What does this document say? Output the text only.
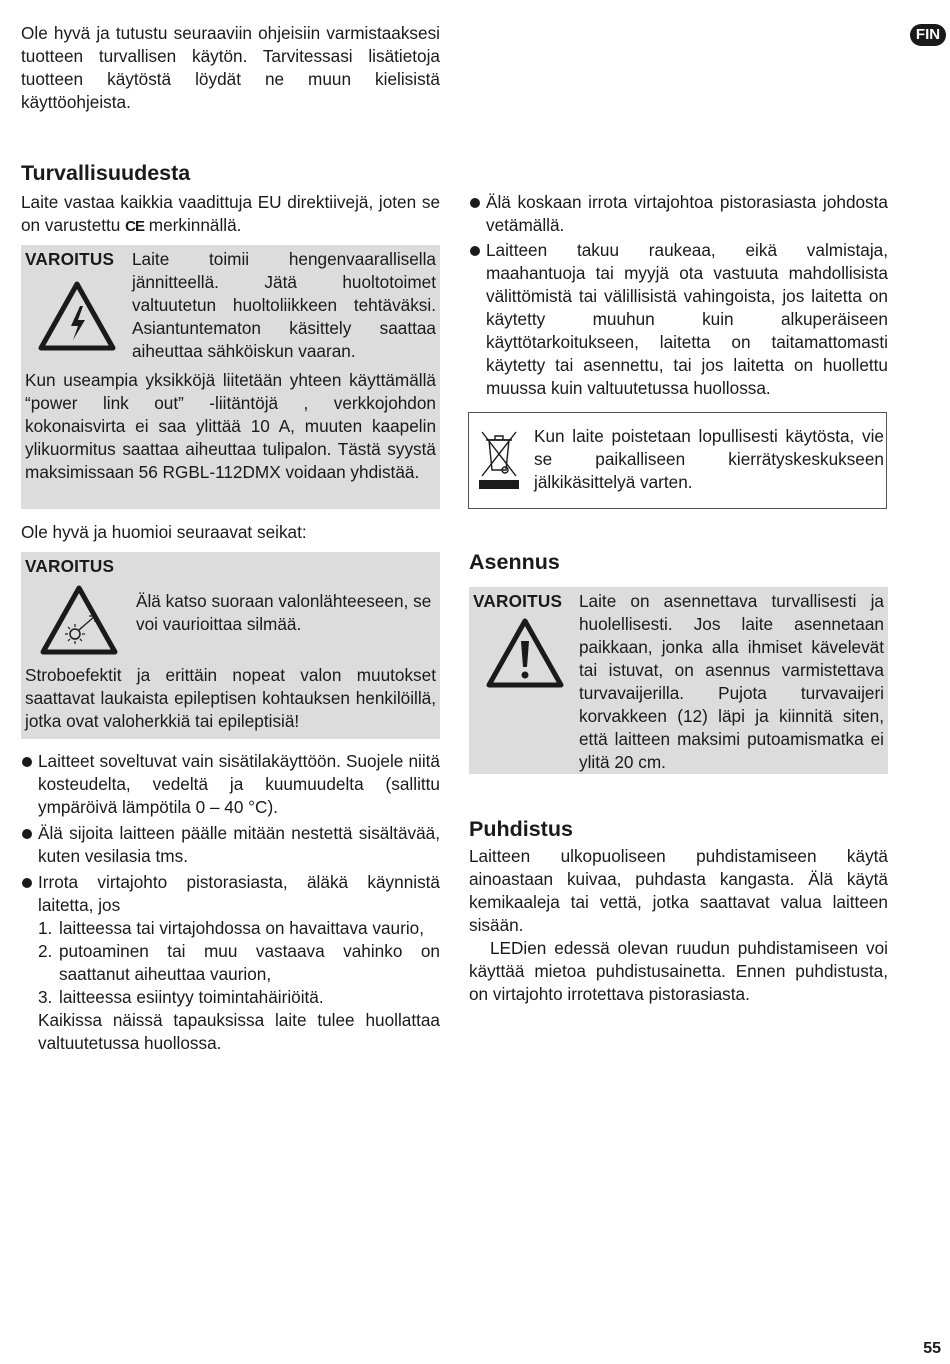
FIN

Ole hyvä ja tutustu seuraaviin ohjeisiin varmistaaksesi tuotteen turvallisen käytön. Tarvitessasi lisätietoja tuotteen käytöstä löydät ne muun kielisistä käyttöohjeista.

Turvallisuudesta

Laite vastaa kaikkia vaadittuja EU direktiivejä, joten se on varustettu CE merkinnällä.

VAROITUS Laite toimii hengenvaarallisella jännitteellä. Jätä huoltotoimet valtuutetun huoltoliikkeen tehtäväksi. Asiantuntematon käsittely saattaa aiheuttaa sähköiskun vaaran.

Kun useampia yksikköjä liitetään yhteen käyttämällä “power link out” -liitäntöjä , verkkojohdon kokonaisvirta ei saa ylittää 10 A, muuten kaapelin ylikuormitus saattaa aiheuttaa tulipalon. Tästä syystä maksimissaan 56 RGBL-112DMX voidaan yhdistää.

Ole hyvä ja huomioi seuraavat seikat:

VAROITUS

Älä katso suoraan valonlähteeseen, se voi vaurioittaa silmää.

Stroboefektit ja erittäin nopeat valon muutokset saattavat laukaista epileptisen kohtauksen henkilöillä, jotka ovat valoherkkiä tai epileptisiä!

Laitteet soveltuvat vain sisätilakäyttöön. Suojele niitä kosteudelta, vedeltä ja kuumuudelta (sallittu ympäröivä lämpötila 0 – 40 °C).

Älä sijoita laitteen päälle mitään nestettä sisältävää, kuten vesilasia tms.

Irrota virtajohto pistorasiasta, äläkä käynnistä laitetta, jos

1. laitteessa tai virtajohdossa on havaittava vaurio,

2. putoaminen tai muu vastaava vahinko on saattanut aiheuttaa vaurion,

3. laitteessa esiintyy toimintahäiriöitä.

Kaikissa näissä tapauksissa laite tulee huollattaa valtuutetussa huollossa.

Älä koskaan irrota virtajohtoa pistorasiasta johdosta vetämällä.

Laitteen takuu raukeaa, eikä valmistaja, maahantuoja tai myyjä ota vastuuta mahdollisista välittömistä tai välillisistä vahingoista, jos laitetta on käytetty muuhun kuin alkuperäiseen käyttötarkoitukseen, laitetta on taitamattomasti käytetty tai asennettu, tai jos laitetta on huollettu muussa kuin valtuutetussa huollossa.

Kun laite poistetaan lopullisesti käytösta, vie se paikalliseen kierrätyskeskukseen jälkikäsittelyä varten.

Asennus
VAROITUS Laite on asennettava turvallisesti ja huolellisesti. Jos laite asennetaan paikkaan, jonka alla ihmiset kävelevät tai istuvat, on asennus varmistettava turvavaijerilla. Pujota turvavaijeri korvakkeen (12) läpi ja kiinnitä siten, että laitteen maksimi putoamismatka ei ylitä 20 cm.

Puhdistus

Laitteen ulkopuoliseen puhdistamiseen käytä ainoastaan kuivaa, puhdasta kangasta. Älä käytä kemikaaleja tai vettä, jotka saattavat valua laitteen sisään.

LEDien edessä olevan ruudun puhdistamiseen voi käyttää mietoa puhdistusainetta. Ennen puhdistusta, on virtajohto irrotettava pistorasiasta.

55
